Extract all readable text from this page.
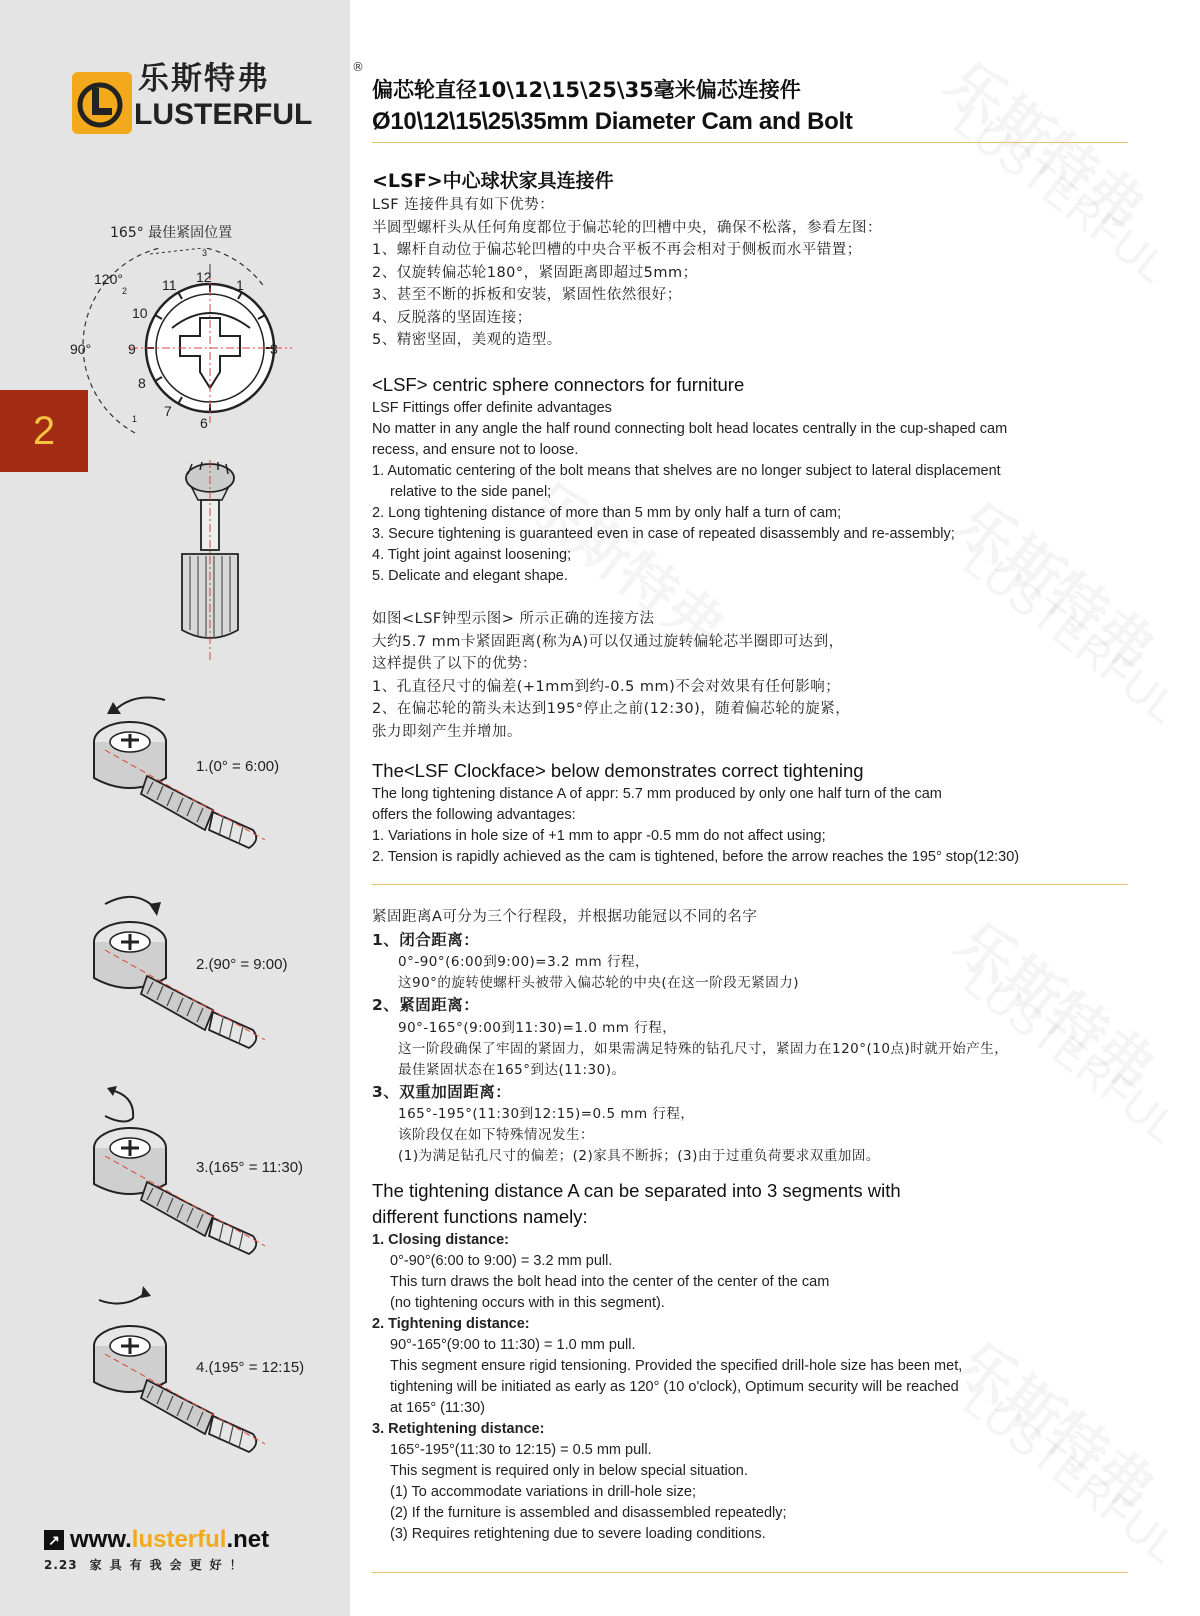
乐斯特弗
LUSTERFUL
®
165° 最佳紧固位置
120°
2
90°
3
1
12 1
3
6
7
8
9
10
11
2
1.(0° = 6:00)
2.(90° = 9:00)
3.(165° = 11:30)
4.(195° = 12:15)
↗ www.lusterful.net
2.23 家具有我会更好！
偏芯轮直径10\12\15\25\35毫米偏芯连接件
Ø10\12\15\25\35mm Diameter Cam and Bolt
<LSF>中心球状家具连接件
LSF 连接件具有如下优势：
半圆型螺杆头从任何角度都位于偏芯轮的凹槽中央，确保不松落，参看左图：
1、螺杆自动位于偏芯轮凹槽的中央合平板不再会相对于侧板而水平错置；
2、仅旋转偏芯轮180°，紧固距离即超过5mm；
3、甚至不断的拆板和安装，紧固性依然很好；
4、反脱落的坚固连接；
5、精密坚固，美观的造型。
<LSF> centric sphere connectors for furniture
LSF Fittings offer definite advantages
No matter in any angle the half round connecting bolt head locates centrally in the cup-shaped cam
recess, and ensure not to loose.
1. Automatic centering of the bolt means that shelves are no longer subject to lateral displacement
relative to the side panel;
2. Long tightening distance of more than 5 mm by only half a turn of cam;
3. Secure tightening is guaranteed even in case of repeated disassembly and re-assembly;
4. Tight joint against loosening;
5. Delicate and elegant shape.
如图<LSF钟型示图> 所示正确的连接方法
大约5.7 mm卡紧固距离(称为A)可以仅通过旋转偏轮芯半圈即可达到，
这样提供了以下的优势：
1、孔直径尺寸的偏差(+1mm到约-0.5 mm)不会对效果有任何影响；
2、在偏芯轮的箭头未达到195°停止之前(12:30)，随着偏芯轮的旋紧，
张力即刻产生并增加。
The<LSF Clockface> below demonstrates correct tightening
The long tightening distance A of appr: 5.7 mm produced by only one half turn of the cam
offers the following advantages:
1. Variations in hole size of +1 mm to appr -0.5 mm do not affect using;
2. Tension is rapidly achieved as the cam is tightened, before the arrow reaches the 195° stop(12:30)
紧固距离A可分为三个行程段，并根据功能冠以不同的名字
1、闭合距离：
0°-90°(6:00到9:00)=3.2 mm 行程，
这90°的旋转使螺杆头被带入偏芯轮的中央(在这一阶段无紧固力)
2、紧固距离：
90°-165°(9:00到11:30)=1.0 mm 行程，
这一阶段确保了牢固的紧固力，如果需满足特殊的钻孔尺寸，紧固力在120°(10点)时就开始产生，
最佳紧固状态在165°到达(11:30)。
3、双重加固距离：
165°-195°(11:30到12:15)=0.5 mm 行程，
该阶段仅在如下特殊情况发生：
(1)为满足钻孔尺寸的偏差；(2)家具不断拆；(3)由于过重负荷要求双重加固。
The tightening distance A can be separated into 3 segments with
different functions namely:
1. Closing distance:
0°-90°(6:00 to 9:00) = 3.2 mm pull.
This turn draws the bolt head into the center of the center of the cam
(no tightening occurs with in this segment).
2. Tightening distance:
90°-165°(9:00 to 11:30) = 1.0 mm pull.
This segment ensure rigid tensioning. Provided the specified drill-hole size has been met,
tightening will be initiated as early as 120° (10 o'clock), Optimum security will be reached
at 165° (11:30)
3. Retightening distance:
165°-195°(11:30 to 12:15) = 0.5 mm pull.
This segment is required only in below special situation.
(1) To accommodate variations in drill-hole size;
(2) If the furniture is assembled and disassembled repeatedly;
(3) Requires retightening due to severe loading conditions.
